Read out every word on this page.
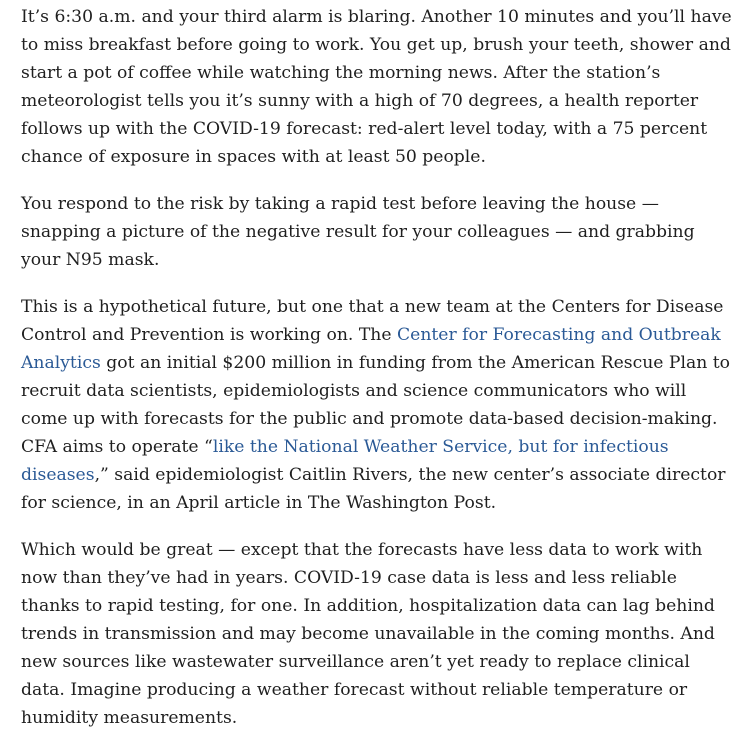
It’s 6:30 a.m. and your third alarm is blaring. Another 10 minutes and you’ll have to miss breakfast before going to work. You get up, brush your teeth, shower and start a pot of coffee while watching the morning news. After the station’s meteorologist tells you it’s sunny with a high of 70 degrees, a health reporter follows up with the COVID-19 forecast: red-alert level today, with a 75 percent chance of exposure in spaces with at least 50 people.

You respond to the risk by taking a rapid test before leaving the house — snapping a picture of the negative result for your colleagues — and grabbing your N95 mask.

This is a hypothetical future, but one that a new team at the Centers for Disease Control and Prevention is working on. The Center for Forecasting and Outbreak Analytics got an initial $200 million in funding from the American Rescue Plan to recruit data scientists, epidemiologists and science communicators who will come up with forecasts for the public and promote data-based decision-making. CFA aims to operate “like the National Weather Service, but for infectious diseases,” said epidemiologist Caitlin Rivers, the new center’s associate director for science, in an April article in The Washington Post.

Which would be great — except that the forecasts have less data to work with now than they’ve had in years. COVID-19 case data is less and less reliable thanks to rapid testing, for one. In addition, hospitalization data can lag behind trends in transmission and may become unavailable in the coming months. And new sources like wastewater surveillance aren’t yet ready to replace clinical data. Imagine producing a weather forecast without reliable temperature or humidity measurements.
